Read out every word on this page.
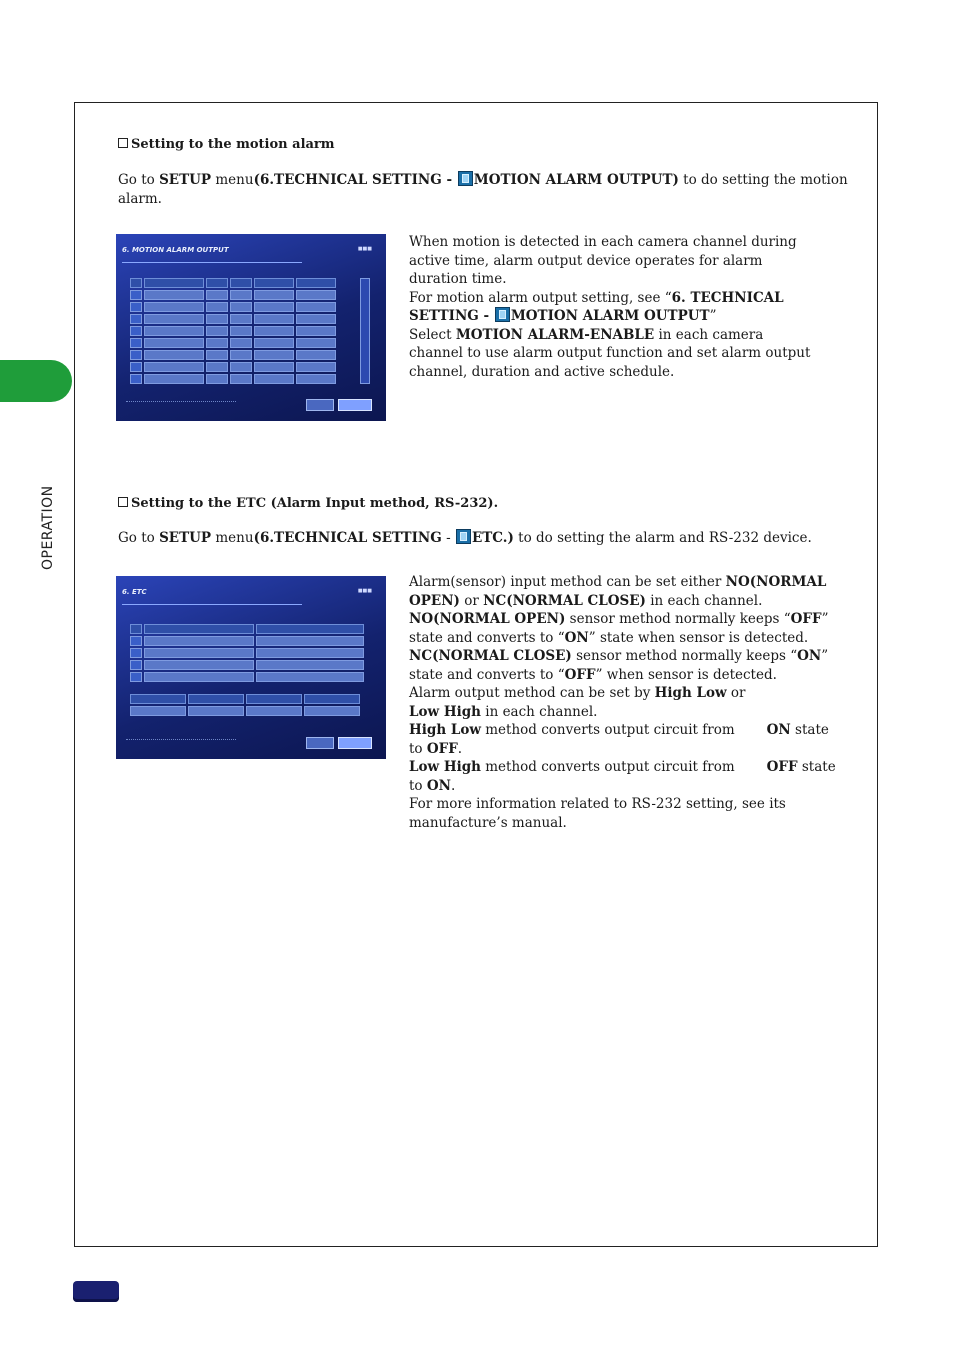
OPERATION
Setting to the motion alarm
Go to SETUP menu(6.TECHNICAL SETTING - MOTION ALARM OUTPUT) to do setting the motion
alarm.
6. MOTION ALARM OUTPUT	■■■	When motion is detected in each camera channel during

active time, alarm output device operates for alarm

duration time.

For motion alarm output setting, see “6. TECHNICAL

SETTING - MOTION ALARM OUTPUT”

Select MOTION ALARM-ENABLE in each camera

channel to use alarm output function and set alarm output

channel, duration and active schedule.

Setting to the ETC (Alarm Input method, RS-232).
Go to SETUP menu(6.TECHNICAL SETTING - ETC.) to do setting the alarm and RS-232 device.
6. ETC	■■■

Alarm(sensor) input method can be set either NO(NORMAL

OPEN) or NC(NORMAL CLOSE) in each channel.

NO(NORMAL OPEN) sensor method normally keeps “OFF”

state and converts to “ON” state when sensor is detected.

NC(NORMAL CLOSE) sensor method normally keeps “ON”

state and converts to “OFF” when sensor is detected.

Alarm output method can be set by High Low or

Low High in each channel.

High Low method converts output circuit from ON state

to OFF.

Low High method converts output circuit from OFF state

to ON.

For more information related to RS-232 setting, see its

manufacture’s manual.
